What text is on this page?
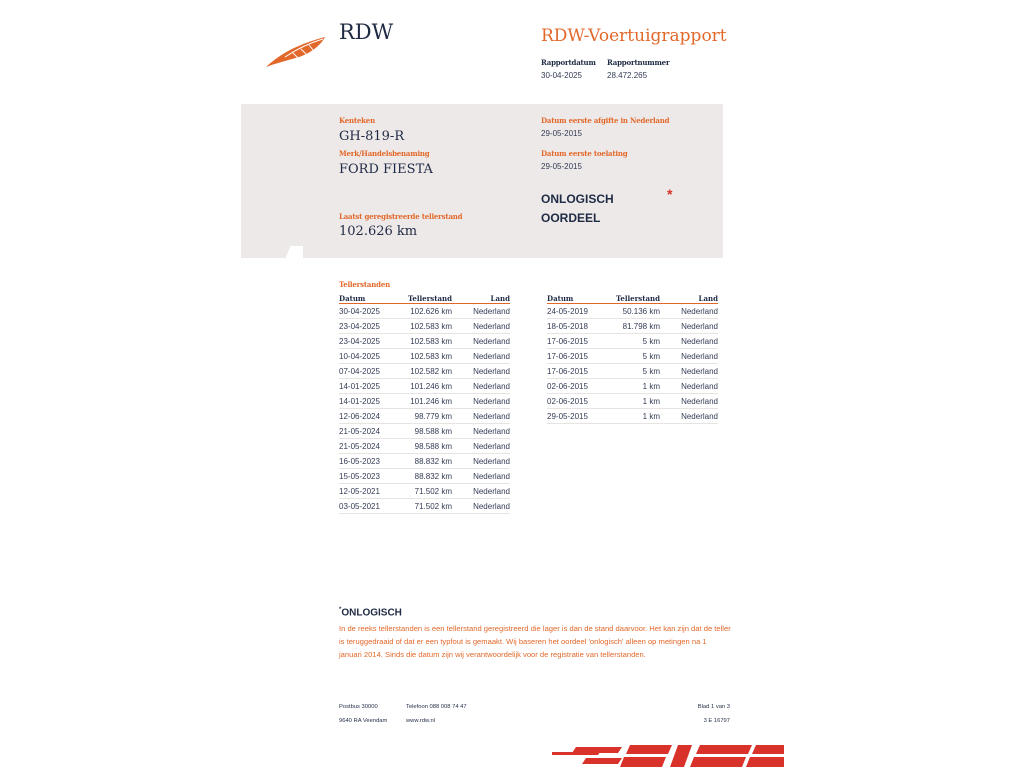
RDW	RDW-Voertuigrapport
Rapportdatum Rapportnummer
30-04-2025	28.472.265
Kenteken
GH-819-R
Merk/Handelsbenaming
FORD FIESTA
Laatst geregistreerde tellerstand
102.626 km
Datum eerste afgifte in Nederland
29-05-2015
Datum eerste toelating
29-05-2015
ONLOGISCH OORDEEL
*
Tellerstanden
Datum	Tellerstand	Land
30-04-2025	102.626 km	Nederland
23-04-2025	102.583 km	Nederland
23-04-2025	102.583 km	Nederland
10-04-2025	102.583 km	Nederland
07-04-2025	102.582 km	Nederland
14-01-2025	101.246 km	Nederland
14-01-2025	101.246 km	Nederland
12-06-2024	98.779 km	Nederland
21-05-2024	98.588 km	Nederland
21-05-2024	98.588 km	Nederland
16-05-2023	88.832 km	Nederland
15-05-2023	88.832 km	Nederland
12-05-2021	71.502 km	Nederland
03-05-2021	71.502 km	Nederland
Datum	Tellerstand	Land
24-05-2019	50.136 km	Nederland
18-05-2018	81.798 km	Nederland
17-06-2015	5 km	Nederland
17-06-2015	5 km	Nederland
17-06-2015	5 km	Nederland
02-06-2015	1 km	Nederland
02-06-2015	1 km	Nederland
29-05-2015	1 km	Nederland
*ONLOGISCH
In de reeks tellerstanden is een tellerstand geregistreerd die lager is dan de stand daarvoor. Het kan zijn dat de teller is teruggedraaid of dat er een typfout is gemaakt. Wij baseren het oordeel 'onlogisch' alleen op metingen na 1 januari 2014. Sinds die datum zijn wij verantwoordelijk voor de registratie van tellerstanden.
Postbus 30000
9640 RA Veendam
Telefoon 088 008 74 47
www.rdw.nl
Blad 1 van 3
3 E 16797
